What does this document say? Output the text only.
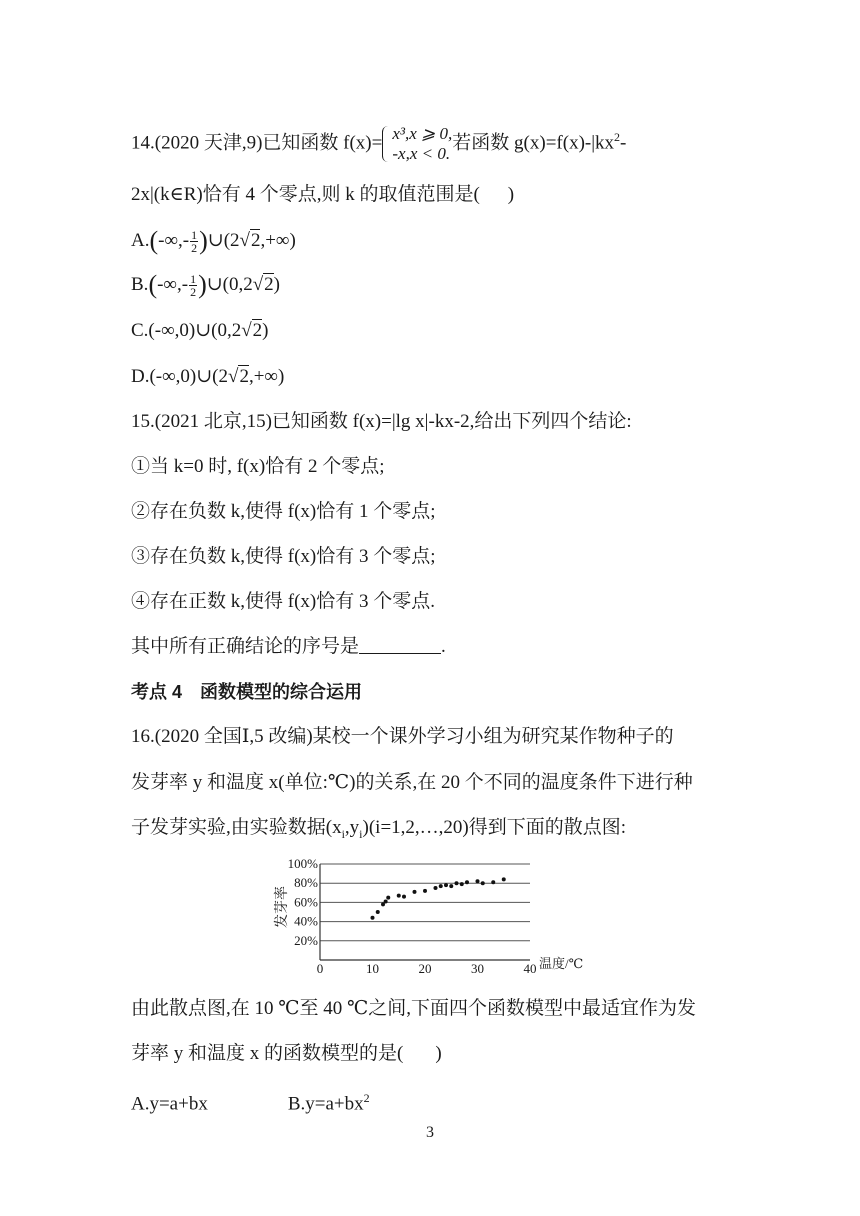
14.(2020 天津,9)已知函数 f(x)= x³,x ⩾ 0,
-x,x < 0.
若函数 $g(x)=f(x)-|kx^2-$
2x|(k∈R)恰有 4 个零点,则 k 的取值范围是( )
$A.(-\infty,- \frac{1}{2}$ )∪(2√2,+∞)
$B.(-\infty,- \frac{1}{2}$ )∪(0,2√2)
C.(-∞,0)∪(0,2√2)
D.(-∞,0)∪(2√2,+∞)
15.(2021 北京,15)已知函数 f(x)=|lg x|-kx-2,给出下列四个结论:
①当 k=0 时, f(x)恰有 2 个零点;
②存在负数 k,使得 f(x)恰有 1 个零点;
③存在负数 k,使得 f(x)恰有 3 个零点;
④存在正数 k,使得 f(x)恰有 3 个零点.
其中所有正确结论的序号是	.
考点 4　函数模型的综合运用
16.(2020 全国Ⅰ,5 改编)某校一个课外学习小组为研究某作物种子的
发芽率 y 和温度 x(单位:℃)的关系,在 20 个不同的温度条件下进行种
子发芽实验,由实验数据$(x_i,y_i)(i=1,2,\dots,20)$得到下面的散点图:
20%
40%
60%
80%
100%
0	10	20	30	40
发芽率
温度/℃
由此散点图,在 10 ℃至 40 ℃之间,下面四个函数模型中最适宜作为发
芽率 y 和温度 x 的函数模型的是( )
A.y=a+bx	$B.y=a+bx^2$
3
